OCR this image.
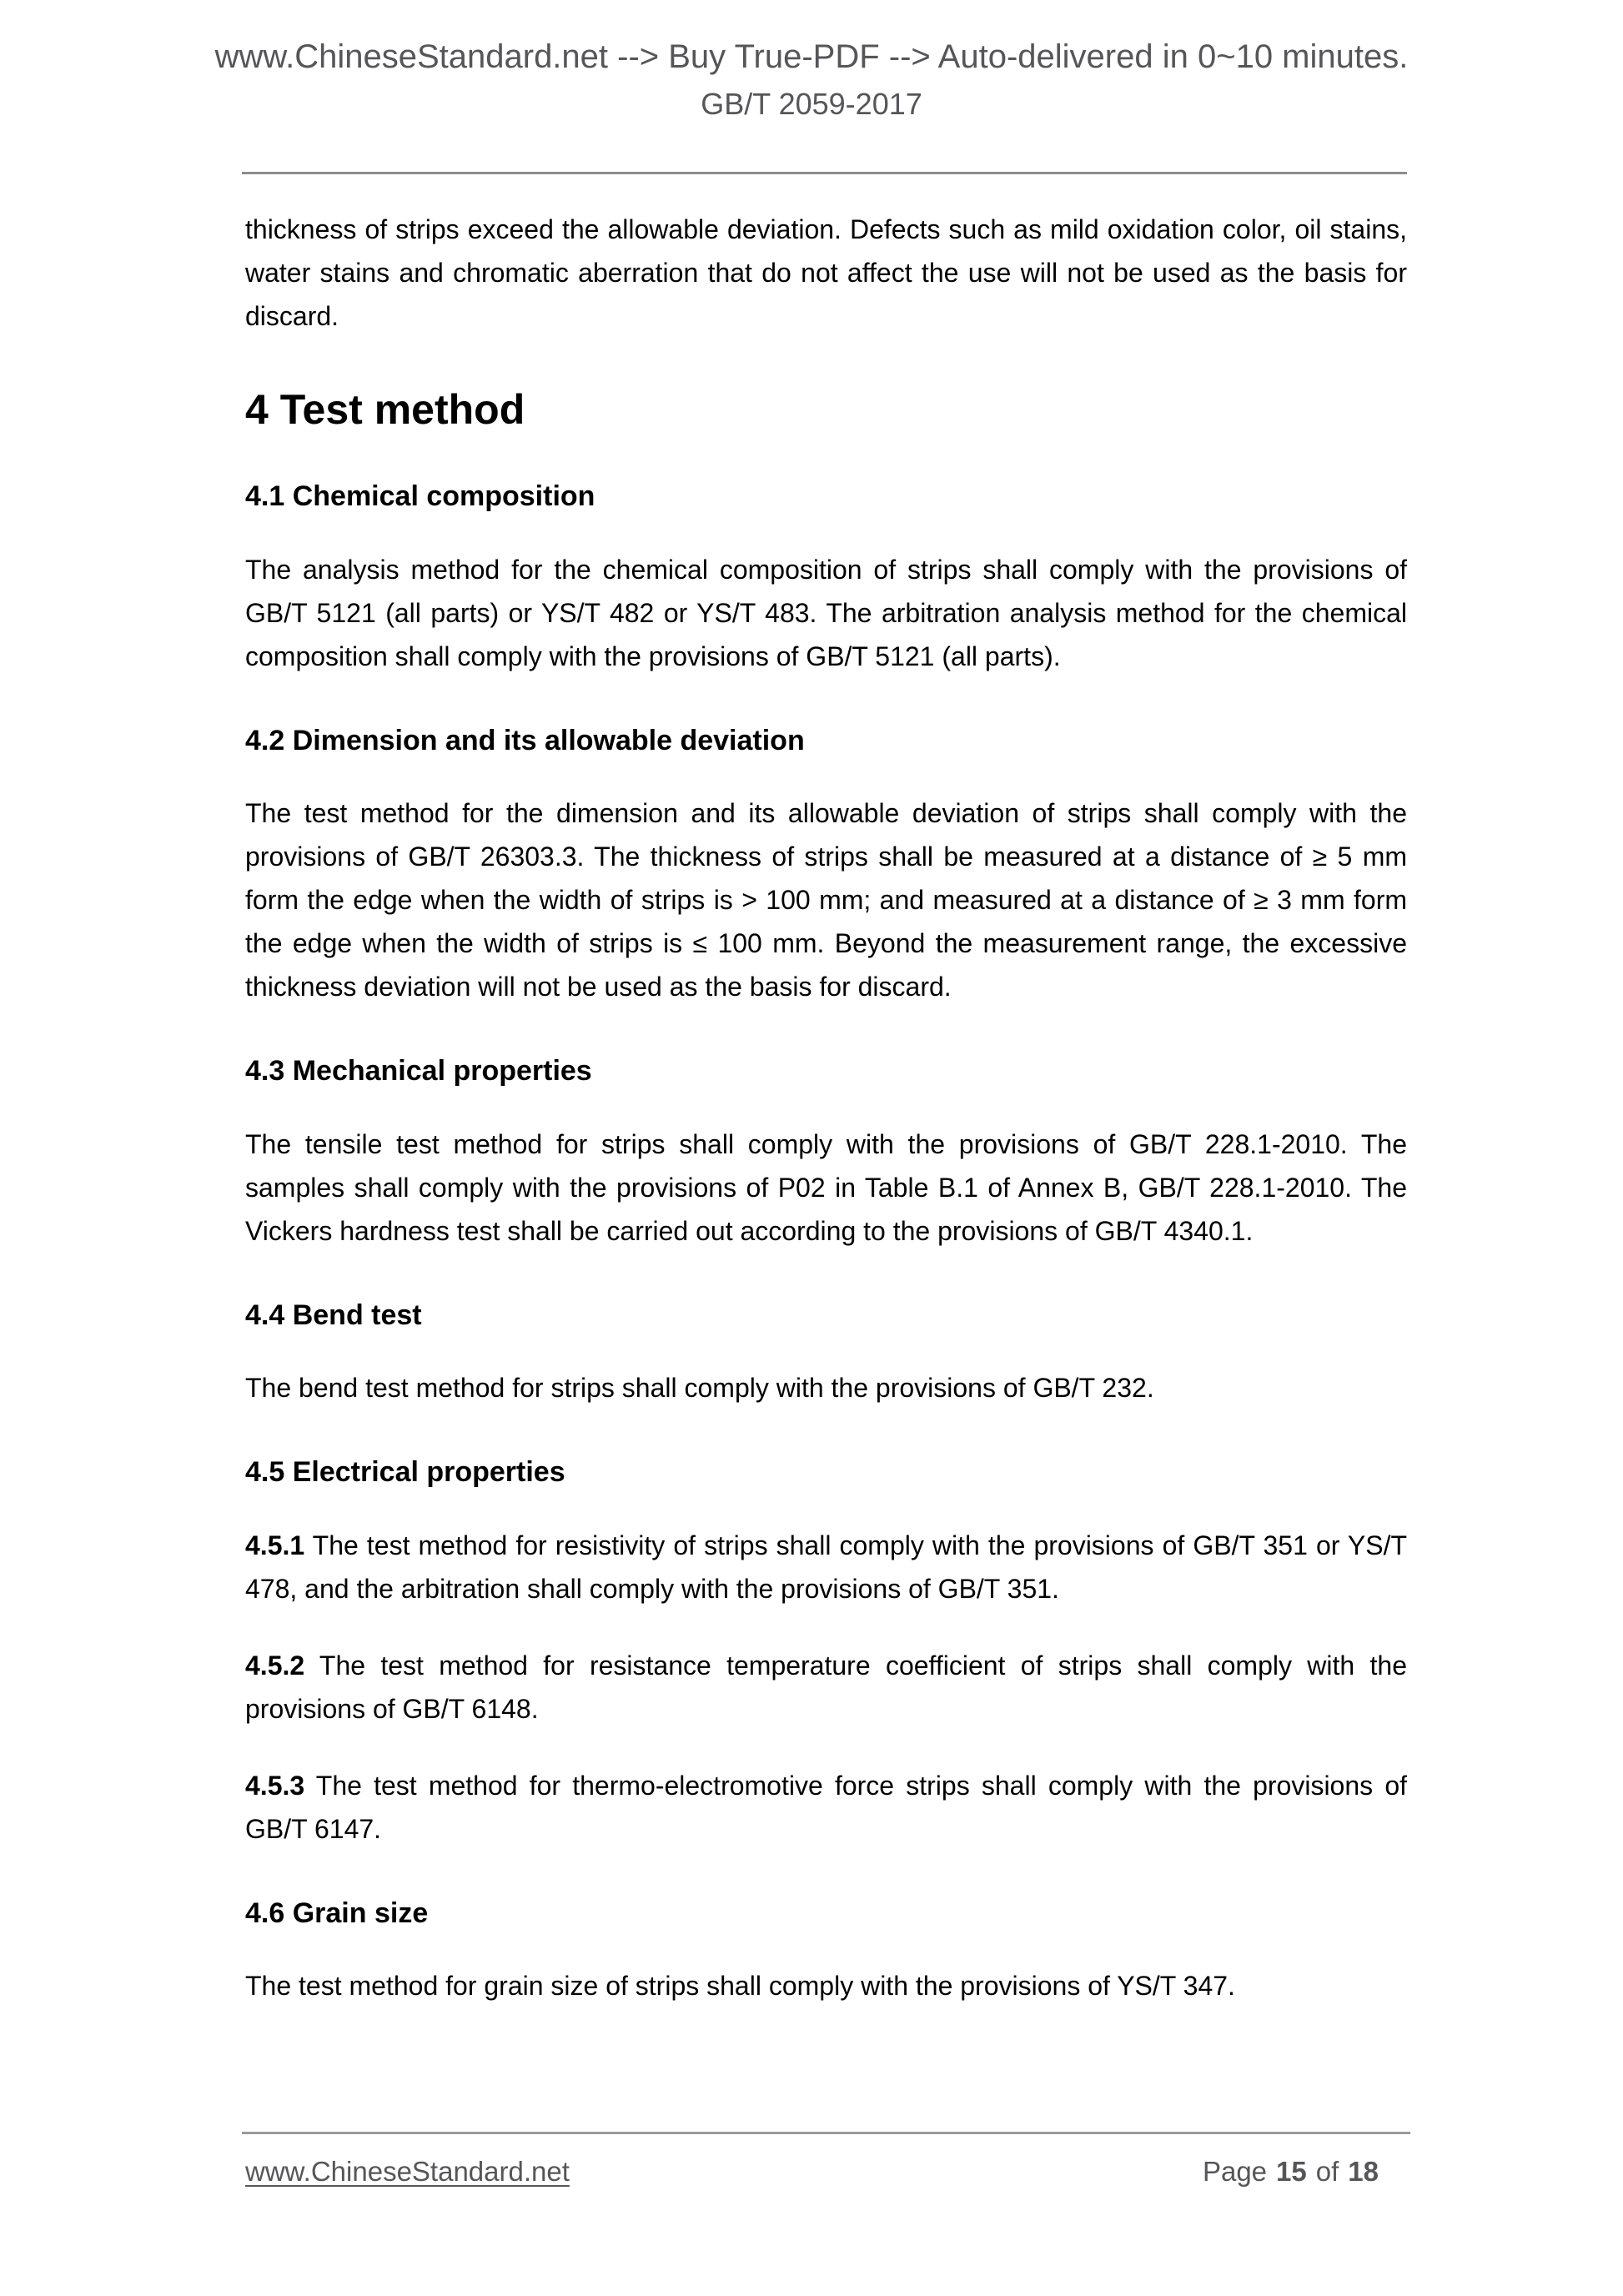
www.ChineseStandard.net --> Buy True-PDF --> Auto-delivered in 0~10 minutes.
GB/T 2059-2017

thickness of strips exceed the allowable deviation. Defects such as mild oxidation color, oil stains, water stains and chromatic aberration that do not affect the use will not be used as the basis for discard.

4 Test method
4.1 Chemical composition

The analysis method for the chemical composition of strips shall comply with the provisions of GB/T 5121 (all parts) or YS/T 482 or YS/T 483. The arbitration analysis method for the chemical composition shall comply with the provisions of GB/T 5121 (all parts).

4.2 Dimension and its allowable deviation

The test method for the dimension and its allowable deviation of strips shall comply with the provisions of GB/T 26303.3. The thickness of strips shall be measured at a distance of ≥ 5 mm form the edge when the width of strips is > 100 mm; and measured at a distance of ≥ 3 mm form the edge when the width of strips is ≤ 100 mm. Beyond the measurement range, the excessive thickness deviation will not be used as the basis for discard.

4.3 Mechanical properties

The tensile test method for strips shall comply with the provisions of GB/T 228.1-2010. The samples shall comply with the provisions of P02 in Table B.1 of Annex B, GB/T 228.1-2010. The Vickers hardness test shall be carried out according to the provisions of GB/T 4340.1.

4.4 Bend test

The bend test method for strips shall comply with the provisions of GB/T 232.

4.5 Electrical properties

4.5.1 The test method for resistivity of strips shall comply with the provisions of GB/T 351 or YS/T 478, and the arbitration shall comply with the provisions of GB/T 351.

4.5.2 The test method for resistance temperature coefficient of strips shall comply with the provisions of GB/T 6148.

4.5.3 The test method for thermo-electromotive force strips shall comply with the provisions of GB/T 6147.

4.6 Grain size

The test method for grain size of strips shall comply with the provisions of YS/T 347.

www.ChineseStandard.net	Page 15 of 18
